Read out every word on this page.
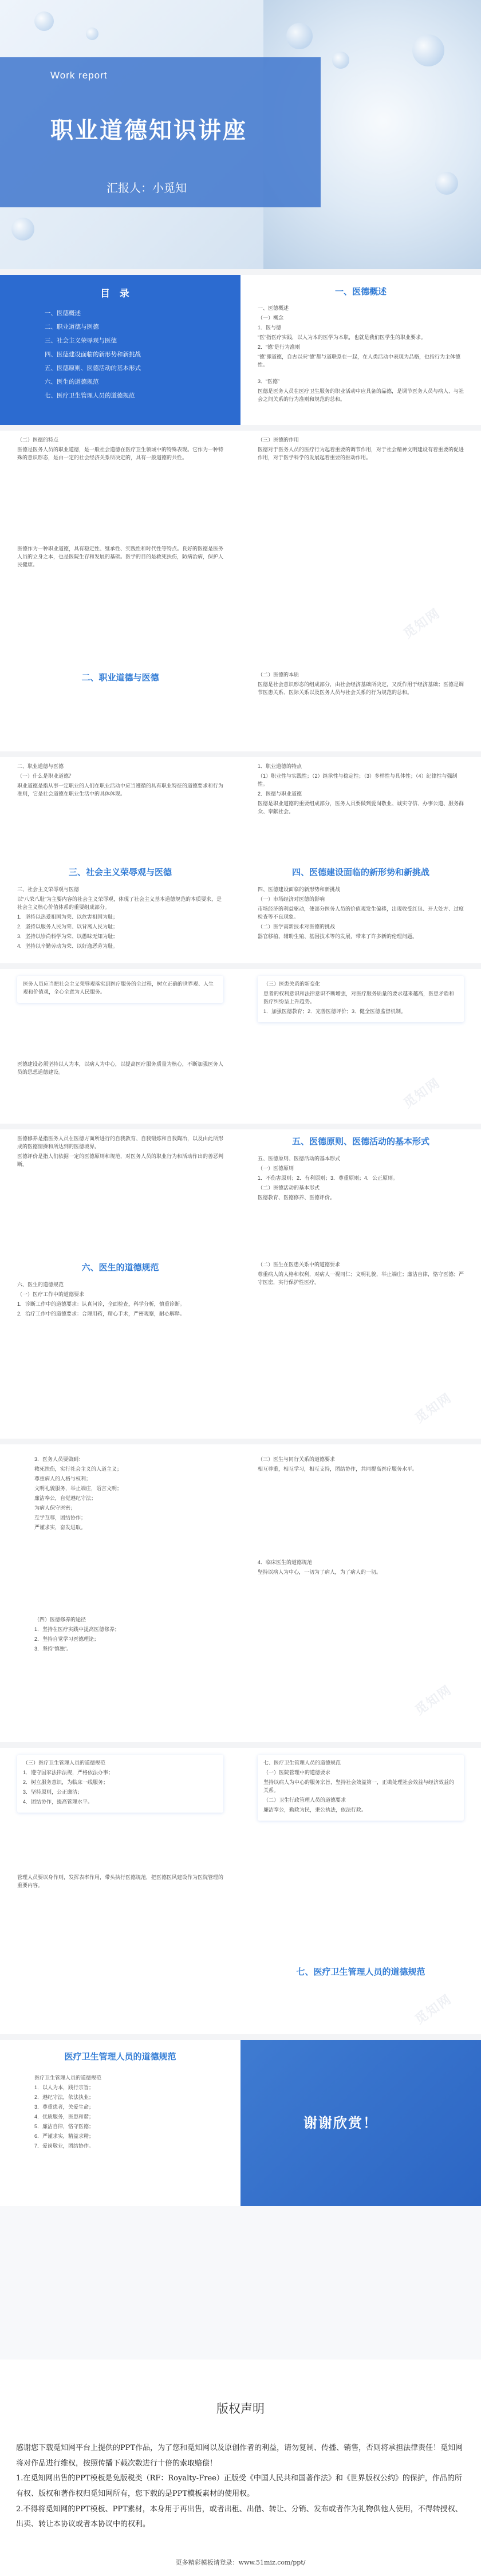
Work report
职业道德知识讲座
汇报人：小觅知
目 录
一、医德概述
二、职业道德与医德
三、社会主义荣辱观与医德
四、医德建设面临的新形势和新挑战
五、医德原则、医德活动的基本形式
六、医生的道德规范
七、医疗卫生管理人员的道德规范
一、医德概述

一、医德概述

（一）概念

1．医与德

“医”指医疗实践，以人为本的医学为本职，也就是我们医学生的职业要求。

2．“德”是行为准则

“德”即道德，自古以来“德”都与道联系在一起，在人类活动中表现为品格，也指行为主体德性。

3．“医德”

医德是医务人员在医疗卫生服务的职业活动中应具备的品德，是调节医务人员与病人、与社会之间关系的行为准则和规范的总和。

（二）医德的特点

医德是医务人员的职业道德，是一般社会道德在医疗卫生领域中的特殊表现。它作为一种特殊的意识形态，是由一定的社会经济关系所决定的，具有一般道德的共性。

（三）医德的作用

医德对于医务人员的医疗行为起着重要的调节作用，对于社会精神文明建设有着重要的促进作用，对于医学科学的发展起着重要的推动作用。

医德作为一种职业道德，具有稳定性、继承性、实践性和时代性等特点。良好的医德是医务人员的立身之本，也是医院生存和发展的基础。医学的目的是救死扶伤，防病治病，保护人民健康。

觅知网
二、职业道德与医德	（二）医德的本质

医德是社会意识形态的组成部分，由社会经济基础所决定，又反作用于经济基础；医德是调节医患关系、医际关系以及医务人员与社会关系的行为规范的总和。

二、职业道德与医德

（一）什么是职业道德？

职业道德是指从事一定职业的人们在职业活动中应当遵循的具有职业特征的道德要求和行为准则，它是社会道德在职业生活中的具体体现。

1．职业道德的特点

（1）职业性与实践性；（2）继承性与稳定性；（3）多样性与具体性；（4）纪律性与强制性。

2．医德与职业道德

医德是职业道德的重要组成部分，医务人员要做到爱岗敬业、诚实守信、办事公道、服务群众、奉献社会。

三、社会主义荣辱观与医德	四、医德建设面临的新形势和新挑战

三、社会主义荣辱观与医德

以“八荣八耻”为主要内容的社会主义荣辱观，体现了社会主义基本道德规范的本质要求，是社会主义核心价值体系的重要组成部分。

1．坚持以热爱祖国为荣、以危害祖国为耻；

2．坚持以服务人民为荣、以背离人民为耻；

3．坚持以崇尚科学为荣、以愚昧无知为耻；

4．坚持以辛勤劳动为荣、以好逸恶劳为耻。

四、医德建设面临的新形势和新挑战

（一）市场经济对医德的影响

市场经济的利益驱动，使部分医务人员的价值观发生偏移，出现收受红包、开大处方、过度检查等不良现象。

（二）医学高新技术对医德的挑战

器官移植、辅助生殖、基因技术等的发展，带来了许多新的伦理问题。

医务人员应当把社会主义荣辱观落实到医疗服务的全过程，树立正确的世界观、人生观和价值观，全心全意为人民服务。

（三）医患关系的新变化

患者的权利意识和法律意识不断增强，对医疗服务质量的要求越来越高，医患矛盾和医疗纠纷呈上升趋势。

1．加强医德教育；2．完善医德评价；3．健全医德监督机制。

医德建设必须坚持以人为本，以病人为中心，以提高医疗服务质量为核心，不断加强医务人员的思想道德建设。

觅知网

医德修养是指医务人员在医德方面所进行的自我教育、自我锻炼和自我陶冶，以及由此所形成的医德情操和所达到的医德境界。

医德评价是指人们依据一定的医德原则和规范，对医务人员的职业行为和活动作出的善恶判断。

五、医德原则、医德活动的基本形式

五、医德原则、医德活动的基本形式

（一）医德原则

1．不伤害原则；2．有利原则；3．尊重原则；4．公正原则。

（二）医德活动的基本形式

医德教育、医德修养、医德评价。

六、医生的道德规范

六、医生的道德规范

（一）医疗工作中的道德要求

1．诊断工作中的道德要求：认真问诊，全面检查，科学分析，慎重诊断。

2．治疗工作中的道德要求：合理用药，精心手术，严密观察，耐心解释。

（二）医生在医患关系中的道德要求

尊重病人的人格和权利，对病人一视同仁；文明礼貌，举止端庄；廉洁自律，恪守医德；严守医密，实行保护性医疗。

觅知网

3．医务人员要做到：

救死扶伤，实行社会主义的人道主义；

尊重病人的人格与权利；

文明礼貌服务，举止端庄，语言文明；

廉洁奉公，自觉遵纪守法；

为病人保守医密；

互学互尊，团结协作；

严谨求实，奋发进取。

（三）医生与同行关系的道德要求

相互尊重，相互学习，相互支持，团结协作，共同提高医疗服务水平。

4．临床医生的道德规范

坚持以病人为中心，一切为了病人，为了病人的一切。

（四）医德修养的途径

1．坚持在医疗实践中提高医德修养；

2．坚持自觉学习医德理论；

3．坚持“慎独”。

觅知网

（三）医疗卫生管理人员的道德规范

1．遵守国家法律法规，严格依法办事；

2．树立服务意识，为临床一线服务；

3．坚持原则，公正廉洁；

4．团结协作，提高管理水平。

七、医疗卫生管理人员的道德规范

（一）医院管理中的道德要求

坚持以病人为中心的服务宗旨，坚持社会效益第一，正确处理社会效益与经济效益的关系。

（二）卫生行政管理人员的道德要求

廉洁奉公，勤政为民，秉公执法，依法行政。

管理人员要以身作则，发挥表率作用，带头执行医德规范，把医德医风建设作为医院管理的重要内容。

七、医疗卫生管理人员的道德规范
觅知网
医疗卫生管理人员的道德规范

医疗卫生管理人员的道德规范

1．以人为本，践行宗旨；

2．遵纪守法，依法执业；

3．尊重患者，关爱生命；

4．优质服务，医患和谐；

5．廉洁自律，恪守医德；

6．严谨求实，精益求精；

7．爱岗敬业，团结协作。

谢谢欣赏！
版权声明

感谢您下载觅知网平台上提供的PPT作品，为了您和觅知网以及原创作者的利益，请勿复制、传播、销售，否则将承担法律责任！觅知网将对作品进行维权，按照传播下载次数进行十倍的索取赔偿！

1.在觅知网出售的PPT模板是免版税类（RF：Royalty-Free）正版受《中国人民共和国著作法》和《世界版权公约》的保护，作品的所有权、版权和著作权归觅知网所有，您下载的是PPT模板素材的使用权。

2.不得将觅知网的PPT模板、PPT素材，本身用于再出售，或者出租、出借、转让、分销、发布或者作为礼物供他人使用，不得转授权、出卖、转让本协议或者本协议中的权利。

更多精彩模板请登录：www.51miz.com/ppt/
